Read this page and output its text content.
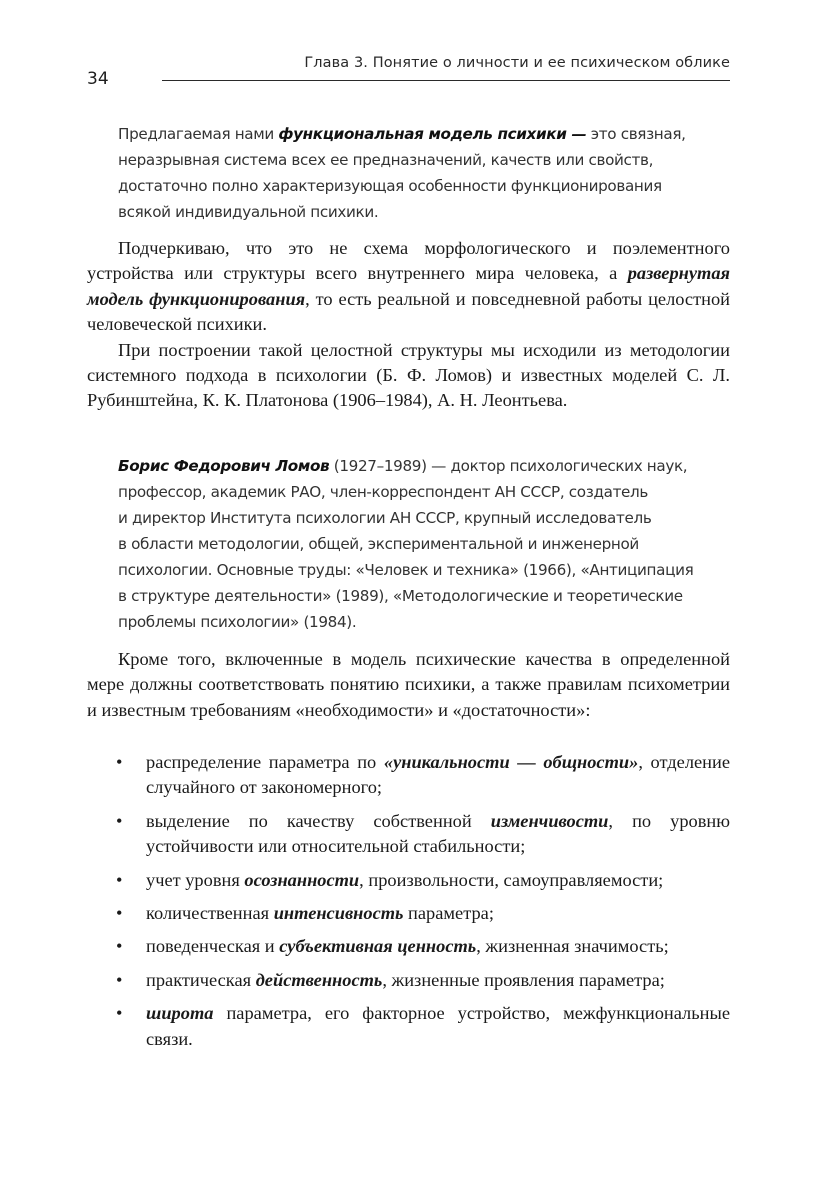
34
Глава 3. Понятие о личности и ее психическом облике
Предлагаемая нами функциональная модель психики — это связная,
неразрывная система всех ее предназначений, качеств или свойств,
достаточно полно характеризующая особенности функционирования
всякой индивидуальной психики.

Подчеркиваю, что это не схема морфологического и поэлементного устройства или структуры всего внутреннего мира человека, а развернутая модель функционирования, то есть реальной и повседневной работы целостной человеческой психики.

При построении такой целостной структуры мы исходили из методологии системного подхода в психологии (Б. Ф. Ломов) и известных моделей С. Л. Рубинштейна, К. К. Платонова (1906–1984), А. Н. Леонтьева.

Борис Федорович Ломов (1927–1989) — доктор психологических наук,
профессор, академик РАО, член-корреспондент АН СССР, создатель
и директор Института психологии АН СССР, крупный исследователь
в области методологии, общей, экспериментальной и инженерной
психологии. Основные труды: «Человек и техника» (1966), «Антиципация
в структуре деятельности» (1989), «Методологические и теоретические
проблемы психологии» (1984).

Кроме того, включенные в модель психические качества в определенной мере должны соответствовать понятию психики, а также правилам психометрии и известным требованиям «необходимости» и «достаточности»:

• распределение параметра по «уникальности — общности», отделение случайного от закономерного;
• выделение по качеству собственной изменчивости, по уровню устойчивости или относительной стабильности;
• учет уровня осознанности, произвольности, самоуправляемости;
• количественная интенсивность параметра;
• поведенческая и субъективная ценность, жизненная значимость;
• практическая действенность, жизненные проявления параметра;
• широта параметра, его факторное устройство, межфункциональные связи.
